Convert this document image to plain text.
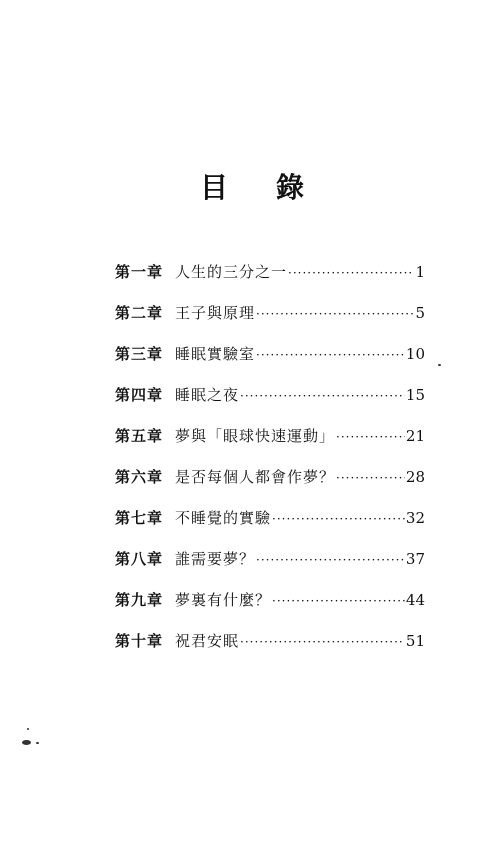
目 錄
第一章 人生的三分之一 ·····	1
第二章 王子與原理 ·····	5
第三章 睡眠實驗室 ·····	10
第四章 睡眠之夜 ·····	15
第五章 夢與「眼球快速運動」 ·····	21
第六章 是否每個人都會作夢？ ·····	28
第七章 不睡覺的實驗 ·····	32
第八章 誰需要夢？ ·····	37
第九章 夢裏有什麼？ ·····	44
第十章 祝君安眠 ·····	51
